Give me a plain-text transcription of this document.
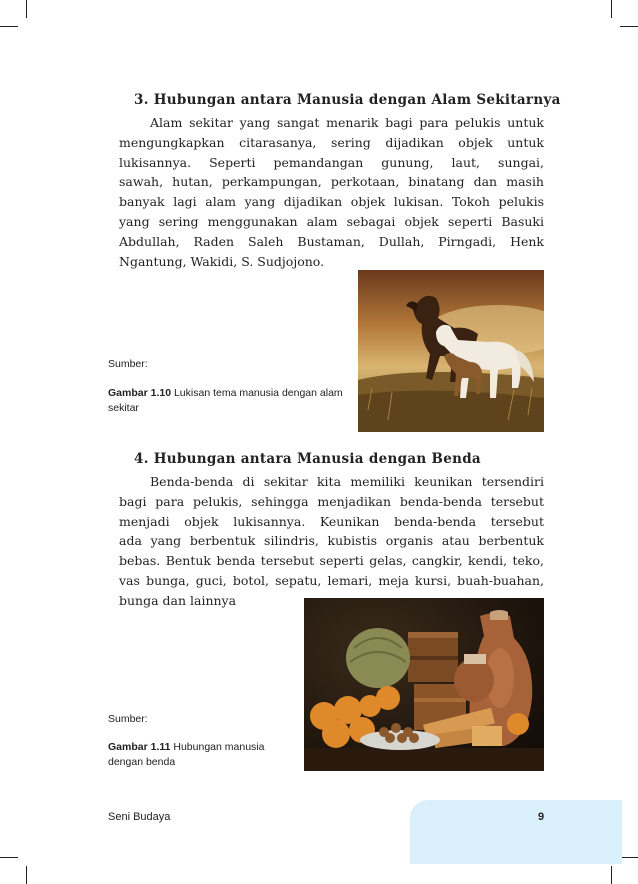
3. Hubungan antara Manusia dengan Alam Sekitarnya
Alam sekitar yang sangat menarik bagi para pelukis untuk
mengungkapkan citarasanya, sering dijadikan objek untuk
lukisannya. Seperti pemandangan gunung, laut, sungai,
sawah, hutan, perkampungan, perkotaan, binatang dan masih
banyak lagi alam yang dijadikan objek lukisan. Tokoh pelukis
yang sering menggunakan alam sebagai objek seperti Basuki
Abdullah, Raden Saleh Bustaman, Dullah, Pirngadi, Henk
Ngantung, Wakidi, S. Sudjojono.
Sumber:
Gambar 1.10 Lukisan tema manusia dengan alam
sekitar
4. Hubungan antara Manusia dengan Benda
Benda-benda di sekitar kita memiliki keunikan tersendiri
bagi para pelukis, sehingga menjadikan benda-benda tersebut
menjadi objek lukisannya. Keunikan benda-benda tersebut
ada yang berbentuk silindris, kubistis organis atau berbentuk
bebas. Bentuk benda tersebut seperti gelas, cangkir, kendi, teko,
vas bunga, guci, botol, sepatu, lemari, meja kursi, buah-buahan,
bunga dan lainnya
Sumber:
Gambar 1.11 Hubungan manusia
dengan benda
Seni Budaya	9
